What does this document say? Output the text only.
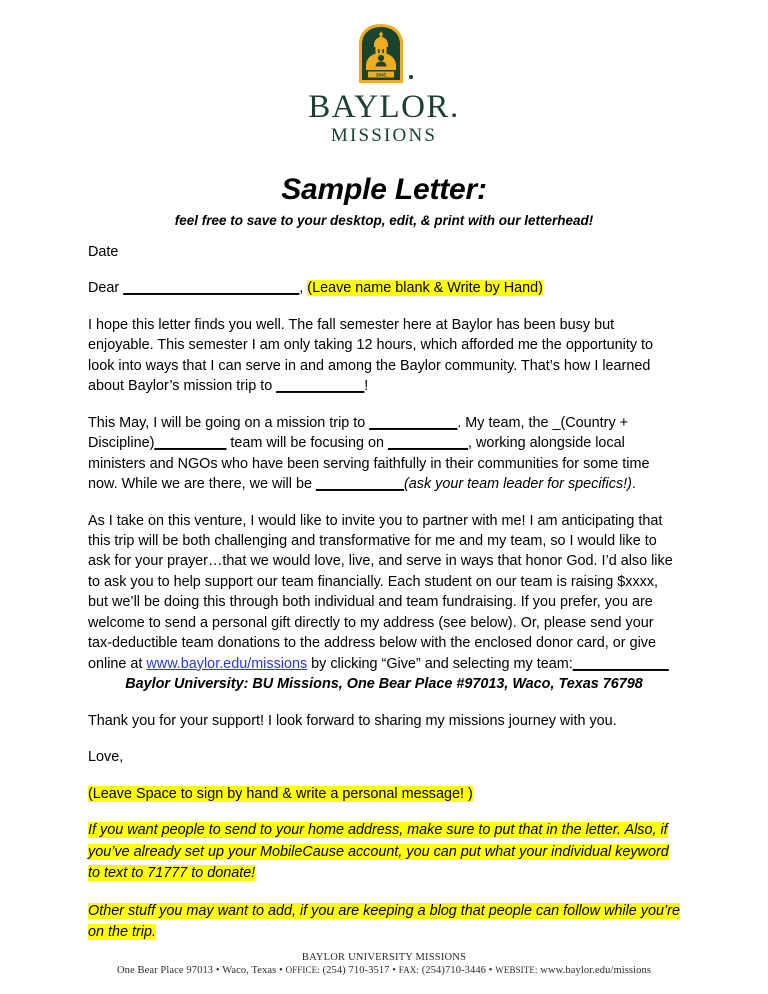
1845
BAYLOR.
MISSIONS
Sample Letter:
feel free to save to your desktop, edit, & print with our letterhead!

Date

Dear ______________________, (Leave name blank & Write by Hand)

I hope this letter finds you well. The fall semester here at Baylor has been busy but enjoyable. This semester I am only taking 12 hours, which afforded me the opportunity to look into ways that I can serve in and among the Baylor community. That’s how I learned about Baylor’s mission trip to ___________!

This May, I will be going on a mission trip to ___________. My team, the _(Country + Discipline)_________ team will be focusing on __________, working alongside local ministers and NGOs who have been serving faithfully in their communities for some time now. While we are there, we will be ___________(ask your team leader for specifics!).

As I take on this venture, I would like to invite you to partner with me! I am anticipating that this trip will be both challenging and transformative for me and my team, so I would like to ask for your prayer…that we would love, live, and serve in ways that honor God. I’d also like to ask you to help support our team financially. Each student on our team is raising $xxxx, but we’ll be doing this through both individual and team fundraising. If you prefer, you are welcome to send a personal gift directly to my address (see below). Or, please send your tax-deductible team donations to the address below with the enclosed donor card, or give online at www.baylor.edu/missions by clicking “Give” and selecting my team:____________

Baylor University: BU Missions, One Bear Place #97013, Waco, Texas 76798

Thank you for your support! I look forward to sharing my missions journey with you.

Love,

(Leave Space to sign by hand & write a personal message! )

If you want people to send to your home address, make sure to put that in the letter. Also, if you’ve already set up your MobileCause account, you can put what your individual keyword to text to 71777 to donate!

Other stuff you may want to add, if you are keeping a blog that people can follow while you’re on the trip.

BAYLOR UNIVERSITY MISSIONS
One Bear Place 97013 • Waco, Texas • OFFICE: (254) 710-3517 • FAX: (254)710-3446 • WEBSITE: www.baylor.edu/missions
